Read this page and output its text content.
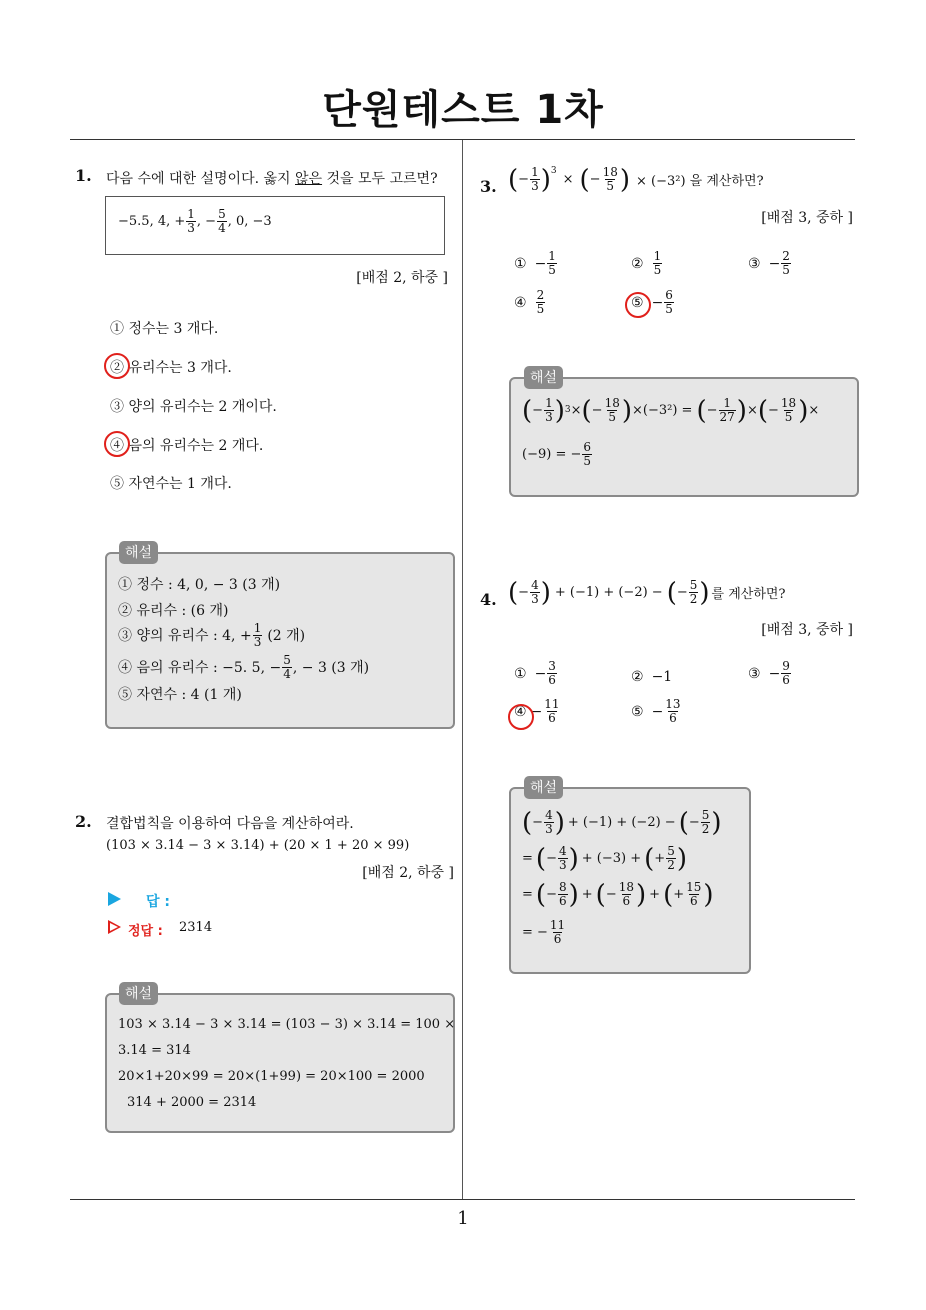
단원테스트 1차
1. 다음 수에 대한 설명이다. 옳지 않은 것을 모두 고르면?
−5.5, 4, + $\frac{1}{3}$ , − $\frac{5}{4}$ , 0, −3
[배점 2, 하중 ]
① 정수는 3 개다.
② 유리수는 3 개다.
③ 양의 유리수는 2 개이다.
④ 음의 유리수는 2 개다.
⑤ 자연수는 1 개다.
① 정수 : 4, 0, − 3 (3 개)
② 유리수 : (6 개)
③ 양의 유리수 : 4, + $\frac{1}{3} (2$ 개)
④ 음의 유리수 : −5. 5, − $\frac{5}{4}$ , − 3 (3 개)
⑤ 자연수 : 4 (1 개)
해설
2. 결합법칙을 이용하여 다음을 계산하여라.
(103 × 3.14 − 3 × 3.14) + (20 × 1 + 20 × 99)
[배점 2, 하중 ]
답 :
정답 : 2314
103 × 3.14 − 3 × 3.14 = (103 − 3) × 3.14 = 100 ×
3.14 = 314
20×1+20×99 = 20×(1+99) = 20×100 = 2000
314 + 2000 = 2314
해설
3. ( − $\frac{1}{3} )^3$
× ( − $\frac{18}{5}$ ) × (−3²) 을 계산하면?
[배점 3, 중하 ]
① − $\frac{1}{5}$	② $\frac{1}{5}$	③ − $\frac{2}{5}$
④ $\frac{2}{5}$	⑤ − $\frac{6}{5}$
( − $\frac{1}{3}$ ) 3 × ( − $\frac{18}{5}$ ) ×(−3²) = ( − $\frac{1}{27}$ ) × ( − $\frac{18}{5}$ ) ×
(−9) = − $\frac{6}{5}$
해설
4. ( − $\frac{4}{3}$ ) + (−1) + (−2) − ( − $\frac{5}{2}$ ) 를 계산하면?
[배점 3, 중하 ]
① − $\frac{3}{6}$	② −1	③ − $\frac{9}{6}$
④ − $\frac{11}{6}$	⑤ − $\frac{13}{6}$
( − $\frac{4}{3}$ ) + (−1) + (−2) − ( − $\frac{5}{2}$ )
= ( − $\frac{4}{3}$ ) + (−3) + ( + $\frac{5}{2}$ )
= ( − $\frac{8}{6}$ ) + ( − $\frac{18}{6}$ ) + ( + $\frac{15}{6}$ )
= − $\frac{11}{6}$
해설
1
